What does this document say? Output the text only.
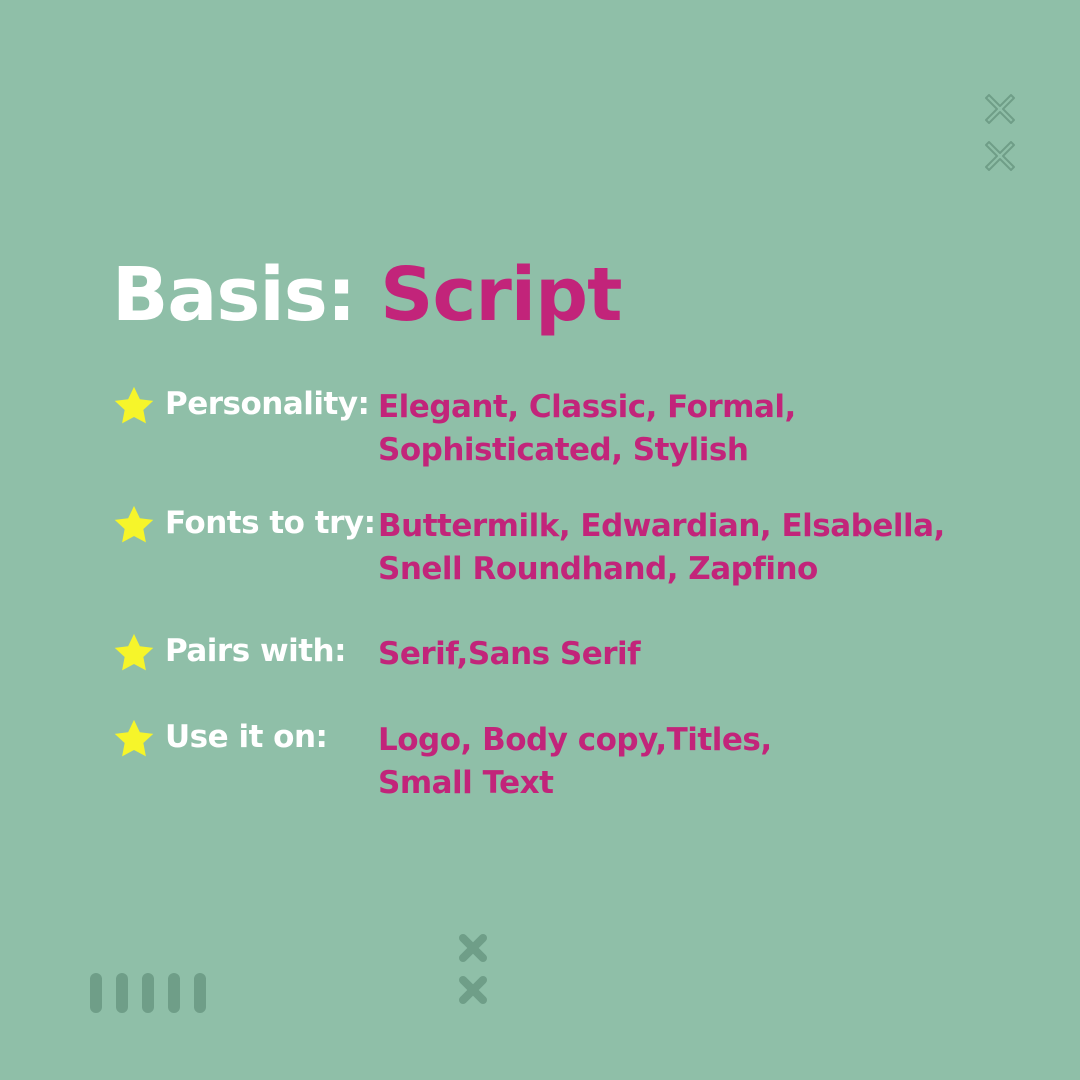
Basis: Script
Personality: Elegant, Classic, Formal,
Sophisticated, Stylish
Fonts to try: Buttermilk, Edwardian, Elsabella,
Snell Roundhand, Zapfino
Pairs with: Serif,Sans Serif
Use it on: Logo, Body copy,Titles,
Small Text
